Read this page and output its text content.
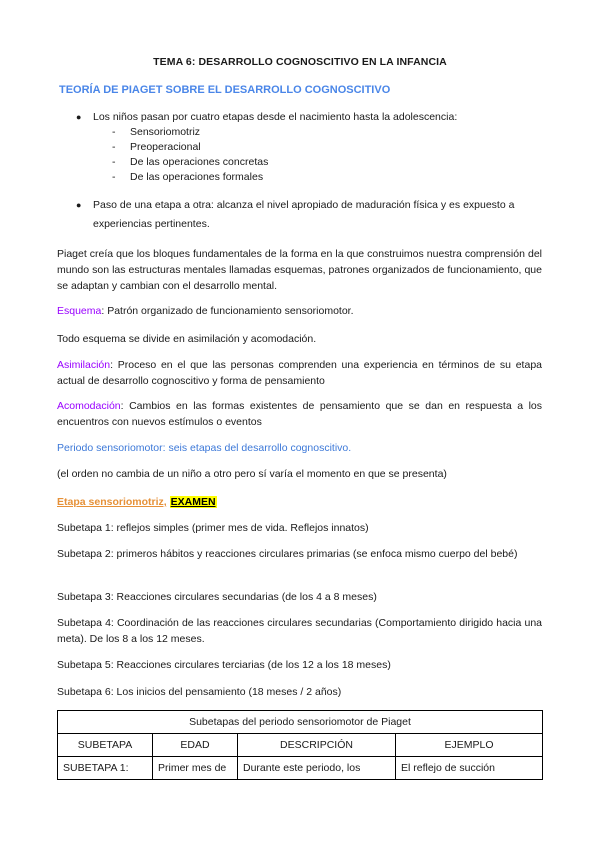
TEMA 6: DESARROLLO COGNOSCITIVO EN LA INFANCIA
TEORÍA DE PIAGET SOBRE EL DESARROLLO COGNOSCITIVO
● Los niños pasan por cuatro etapas desde el nacimiento hasta la adolescencia:
- Sensoriomotriz
- Preoperacional
- De las operaciones concretas
- De las operaciones formales
● Paso de una etapa a otra: alcanza el nivel apropiado de maduración física y es expuesto a
experiencias pertinentes.
Piaget creía que los bloques fundamentales de la forma en la que construimos nuestra comprensión del mundo son las estructuras mentales llamadas esquemas, patrones organizados de funcionamiento, que se adaptan y cambian con el desarrollo mental.
Esquema: Patrón organizado de funcionamiento sensoriomotor.
Todo esquema se divide en asimilación y acomodación.
Asimilación: Proceso en el que las personas comprenden una experiencia en términos de su etapa actual de desarrollo cognoscitivo y forma de pensamiento
Acomodación: Cambios en las formas existentes de pensamiento que se dan en respuesta a los encuentros con nuevos estímulos o eventos
Periodo sensoriomotor: seis etapas del desarrollo cognoscitivo.
(el orden no cambia de un niño a otro pero sí varía el momento en que se presenta)
Etapa sensoriomotriz, EXAMEN
Subetapa 1: reflejos simples (primer mes de vida. Reflejos innatos)
Subetapa 2: primeros hábitos y reacciones circulares primarias (se enfoca mismo cuerpo del bebé)
Subetapa 3: Reacciones circulares secundarias (de los 4 a 8 meses)
Subetapa 4: Coordinación de las reacciones circulares secundarias (Comportamiento dirigido hacia una meta). De los 8 a los 12 meses.
Subetapa 5: Reacciones circulares terciarias (de los 12 a los 18 meses)
Subetapa 6: Los inicios del pensamiento (18 meses / 2 años)
Subetapas del periodo sensoriomotor de Piaget			
SUBETAPA	EDAD	DESCRIPCIÓN	EJEMPLO
SUBETAPA 1:	Primer mes de	Durante este periodo, los	El reflejo de succión
